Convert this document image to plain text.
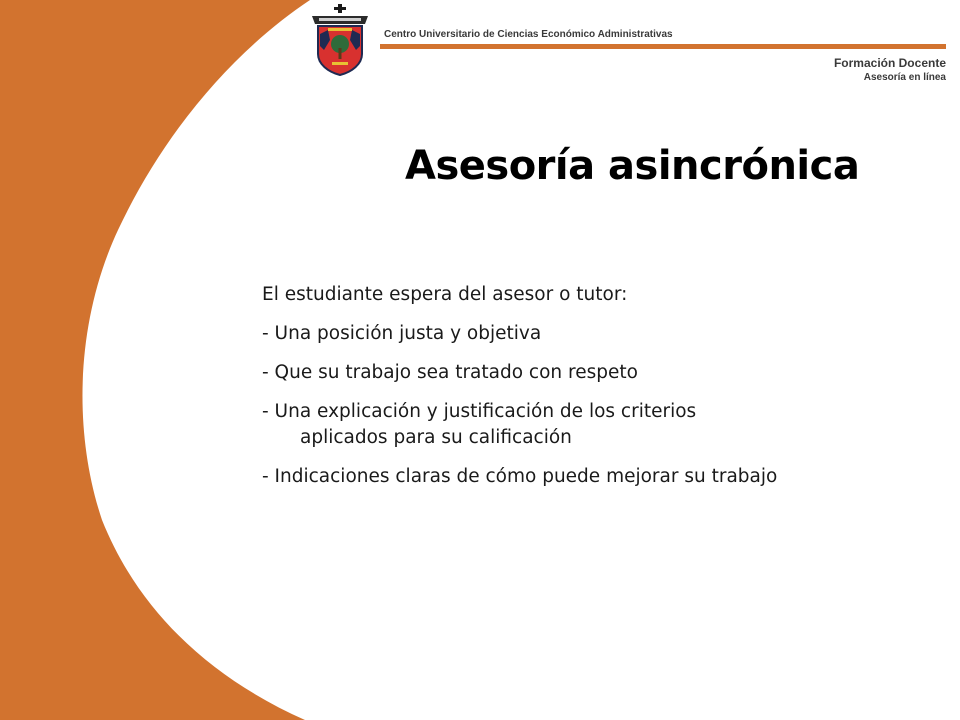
Centro Universitario de Ciencias Económico Administrativas
Formación Docente
Asesoría en línea
Asesoría asincrónica

El estudiante espera del asesor o tutor:

- Una posición justa y objetiva

- Que su trabajo sea tratado con respeto

- Una explicación y justificación de los criterios
aplicados para su calificación

- Indicaciones claras de cómo puede mejorar su trabajo
